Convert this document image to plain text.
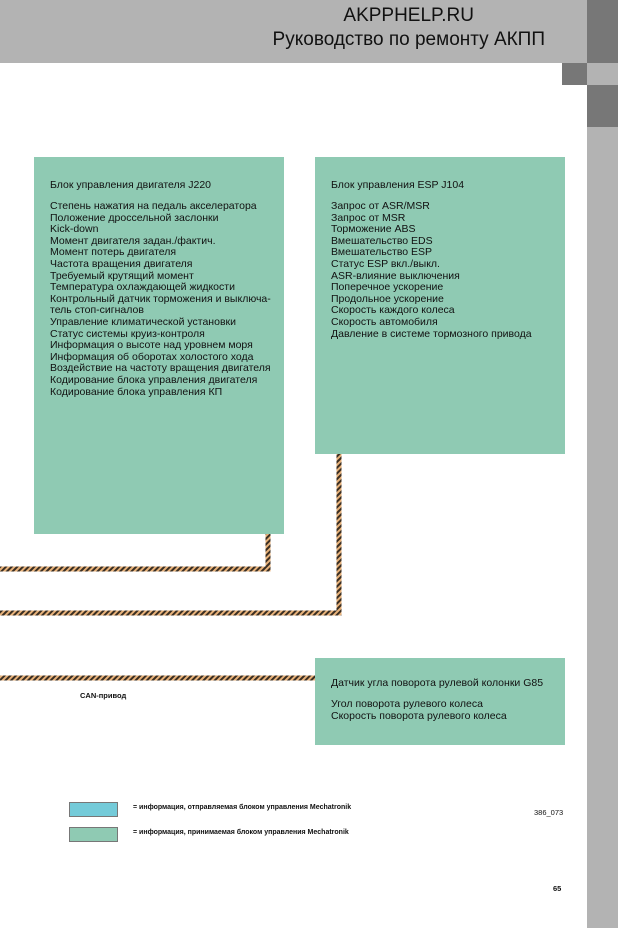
AKPPHELP.RU
Руководство по ремонту АКПП
Блок управления двигателя J220
Степень нажатия на педаль акселератора
Положение дроссельной заслонки
Kick-down
Момент двигателя задан./фактич.
Момент потерь двигателя
Частота вращения двигателя
Требуемый крутящий момент
Температура охлаждающей жидкости
Контрольный датчик торможения и выключа-
тель стоп-сигналов
Управление климатической установки
Статус системы круиз-контроля
Информация о высоте над уровнем моря
Информация об оборотах холостого хода
Воздействие на частоту вращения двигателя
Кодирование блока управления двигателя
Кодирование блока управления КП
Блок управления ESP J104
Запрос от ASR/MSR
Запрос от MSR
Торможение ABS
Вмешательство EDS
Вмешательство ESP
Статус ESP вкл./выкл.
ASR-влияние выключения
Поперечное ускорение
Продольное ускорение
Скорость каждого колеса
Скорость автомобиля
Давление в системе тормозного привода
Датчик угла поворота рулевой колонки G85
Угол поворота рулевого колеса
Скорость поворота рулевого колеса
CAN-привод
= информация, отправляемая блоком управления Mechatronik
= информация, принимаемая блоком управления Mechatronik
386_073
65
